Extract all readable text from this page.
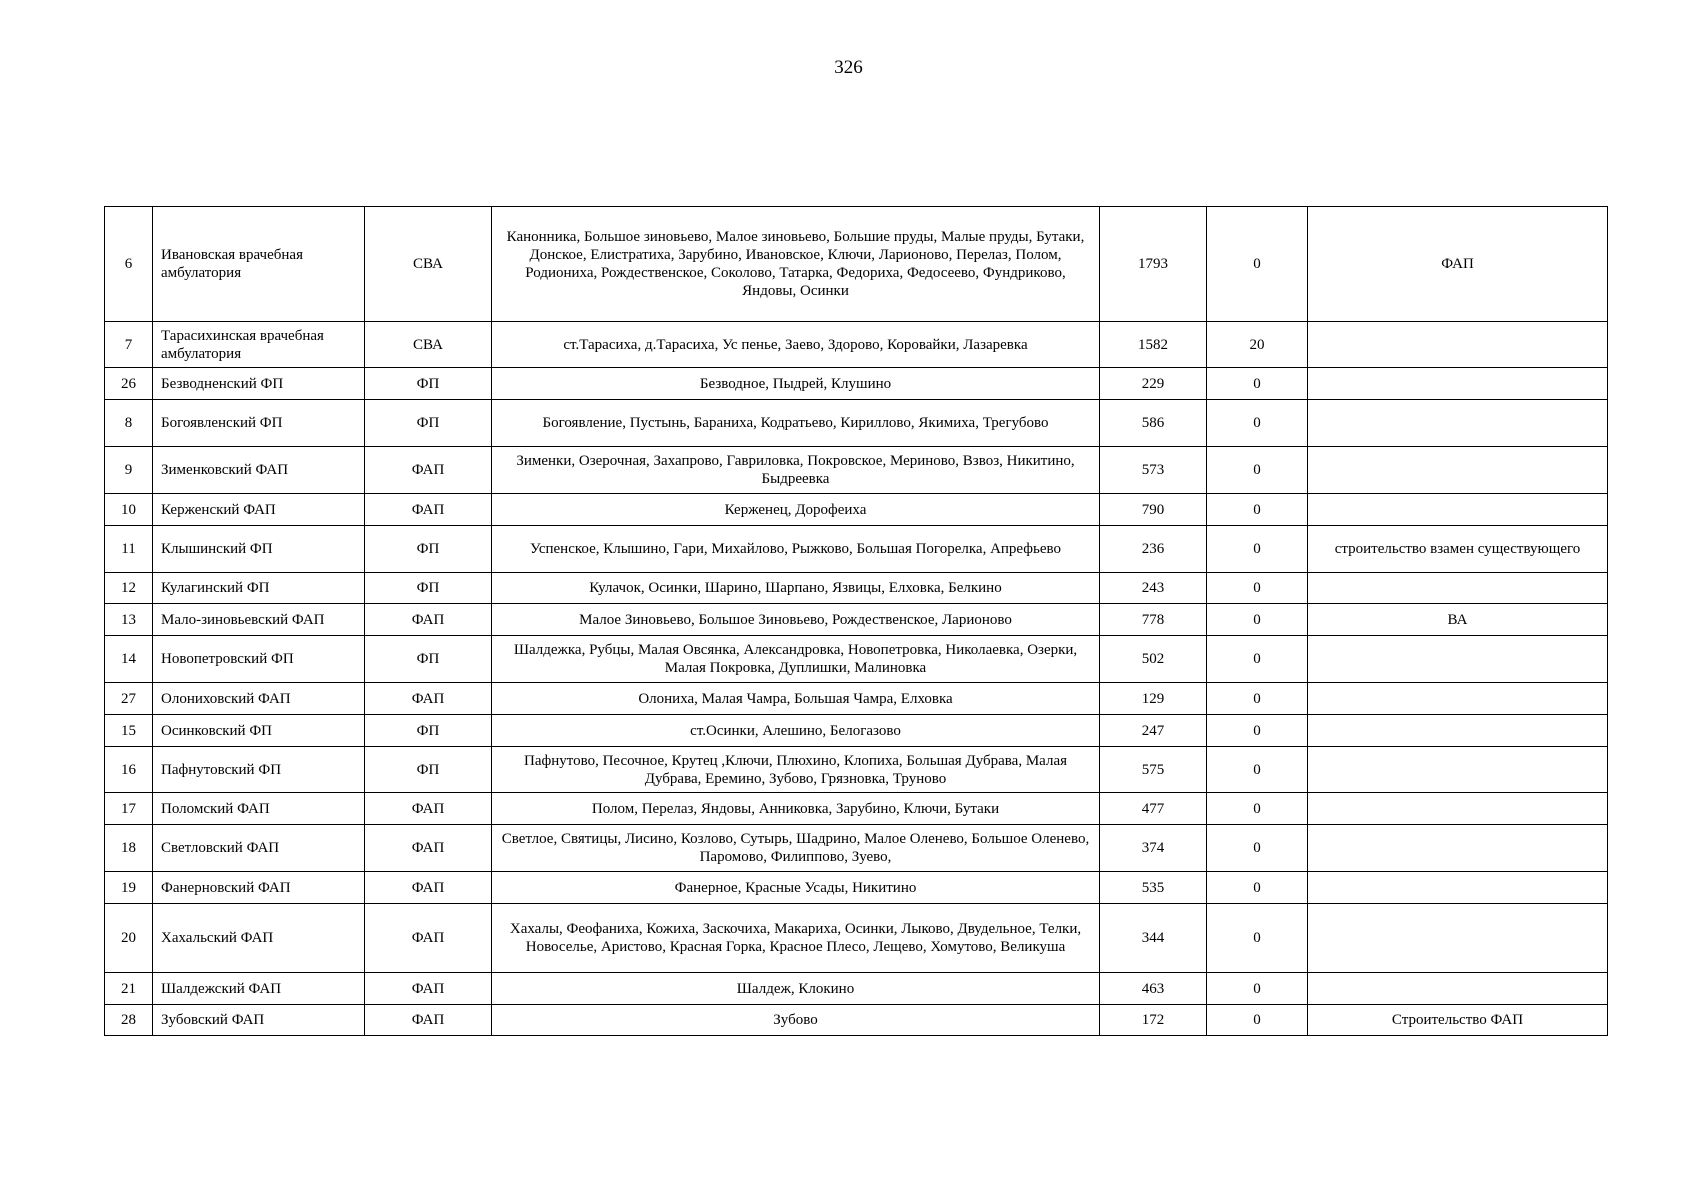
326
6	Ивановская врачебная амбулатория	СВА	Канонника, Большое зиновьево, Малое зиновьево, Большие пруды, Малые пруды, Бутаки, Донское, Елистратиха, Зарубино, Ивановское, Ключи, Ларионово, Перелаз, Полом, Родиониха, Рождественское, Соколово, Татарка, Федориха, Федосеево, Фундриково, Яндовы, Осинки	1793	0	ФАП
7	Тарасихинская врачебная амбулатория	СВА	ст.Тарасиха, д.Тарасиха, Ус пенье, Заево, Здорово, Коровайки, Лазаревка	1582	20	
26	Безводненский ФП	ФП	Безводное, Пыдрей, Клушино	229	0	
8	Богоявленский ФП	ФП	Богоявление, Пустынь, Бараниха, Кодратьево, Кириллово, Якимиха, Трегубово	586	0	
9	Зименковский ФАП	ФАП	Зименки, Озерочная, Захапрово, Гавриловка, Покровское, Мериново, Взвоз, Никитино, Быдреевка	573	0	
10	Керженский ФАП	ФАП	Керженец, Дорофеиха	790	0	
11	Клышинский ФП	ФП	Успенское, Клышино, Гари, Михайлово, Рыжково, Большая Погорелка, Апрефьево	236	0	строительство взамен существующего
12	Кулагинский ФП	ФП	Кулачок, Осинки, Шарино, Шарпано, Язвицы, Елховка, Белкино	243	0	
13	Мало-зиновьевский ФАП	ФАП	Малое Зиновьево, Большое Зиновьево, Рождественское, Ларионово	778	0	ВА
14	Новопетровский ФП	ФП	Шалдежка, Рубцы, Малая Овсянка, Александровка, Новопетровка, Николаевка, Озерки, Малая Покровка, Дуплишки, Малиновка	502	0	
27	Олониховский ФАП	ФАП	Олониха, Малая Чамра, Большая Чамра, Елховка	129	0	
15	Осинковский ФП	ФП	ст.Осинки, Алешино, Белогазово	247	0	
16	Пафнутовский ФП	ФП	Пафнутово, Песочное, Крутец ,Ключи, Плюхино, Клопиха, Большая Дубрава, Малая Дубрава, Еремино, Зубово, Грязновка, Труново	575	0	
17	Поломский ФАП	ФАП	Полом, Перелаз, Яндовы, Анниковка, Зарубино, Ключи, Бутаки	477	0	
18	Светловский ФАП	ФАП	Светлое, Святицы, Лисино, Козлово, Сутырь, Шадрино, Малое Оленево, Большое Оленево, Паромово, Филиппово, Зуево,	374	0	
19	Фанерновский ФАП	ФАП	Фанерное, Красные Усады, Никитино	535	0	
20	Хахальский ФАП	ФАП	Хахалы, Феофаниха, Кожиха, Заскочиха, Макариха, Осинки, Лыково, Двудельное, Телки, Новоселье, Аристово, Красная Горка, Красное Плесо, Лещево, Хомутово, Великуша	344	0	
21	Шалдежский ФАП	ФАП	Шалдеж, Клокино	463	0	
28	Зубовский ФАП	ФАП	Зубово	172	0	Строительство ФАП
